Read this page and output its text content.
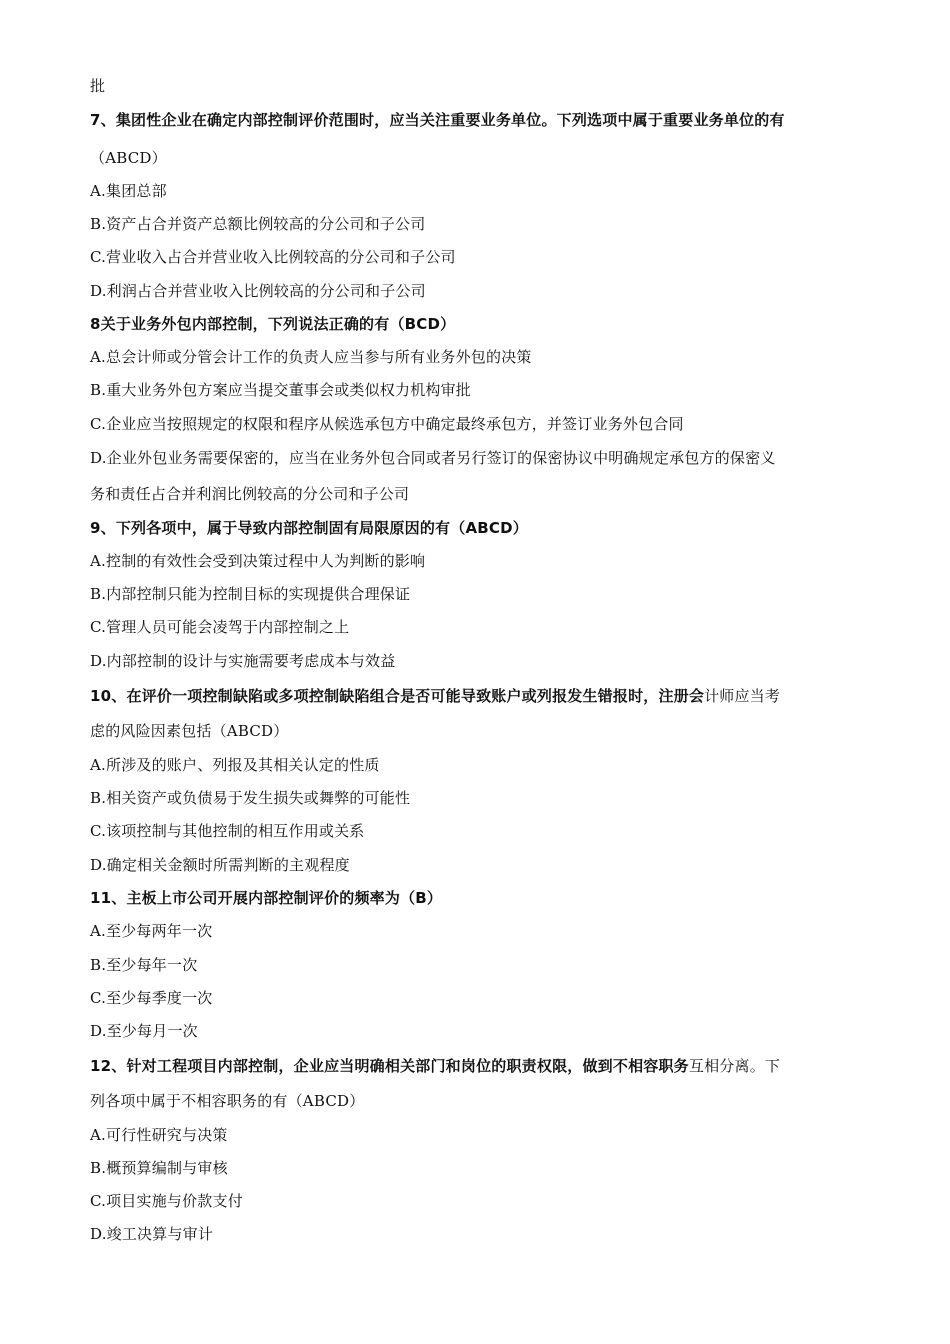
批
7、集团性企业在确定内部控制评价范围时，应当关注重要业务单位。下列选项中属于重要业务单位的有
（ABCD）
A.集团总部
B.资产占合并资产总额比例较高的分公司和子公司
C.营业收入占合并营业收入比例较高的分公司和子公司
D.利润占合并营业收入比例较高的分公司和子公司
8关于业务外包内部控制，下列说法正确的有（BCD）
A.总会计师或分管会计工作的负责人应当参与所有业务外包的决策
B.重大业务外包方案应当提交董事会或类似权力机构审批
C.企业应当按照规定的权限和程序从候选承包方中确定最终承包方，并签订业务外包合同
D.企业外包业务需要保密的，应当在业务外包合同或者另行签订的保密协议中明确规定承包方的保密义
务和责任占合并利润比例较高的分公司和子公司
9、下列各项中，属于导致内部控制固有局限原因的有（ABCD）
A.控制的有效性会受到决策过程中人为判断的影响
B.内部控制只能为控制目标的实现提供合理保证
C.管理人员可能会凌驾于内部控制之上
D.内部控制的设计与实施需要考虑成本与效益
10、在评价一项控制缺陷或多项控制缺陷组合是否可能导致账户或列报发生错报时，注册会计师应当考
虑的风险因素包括（ABCD）
A.所涉及的账户、列报及其相关认定的性质
B.相关资产或负债易于发生损失或舞弊的可能性
C.该项控制与其他控制的相互作用或关系
D.确定相关金额时所需判断的主观程度
11、主板上市公司开展内部控制评价的频率为（B）
A.至少每两年一次
B.至少每年一次
C.至少每季度一次
D.至少每月一次
12、针对工程项目内部控制，企业应当明确相关部门和岗位的职责权限，做到不相容职务互相分离。下
列各项中属于不相容职务的有（ABCD）
A.可行性研究与决策
B.概预算编制与审核
C.项目实施与价款支付
D.竣工决算与审计
